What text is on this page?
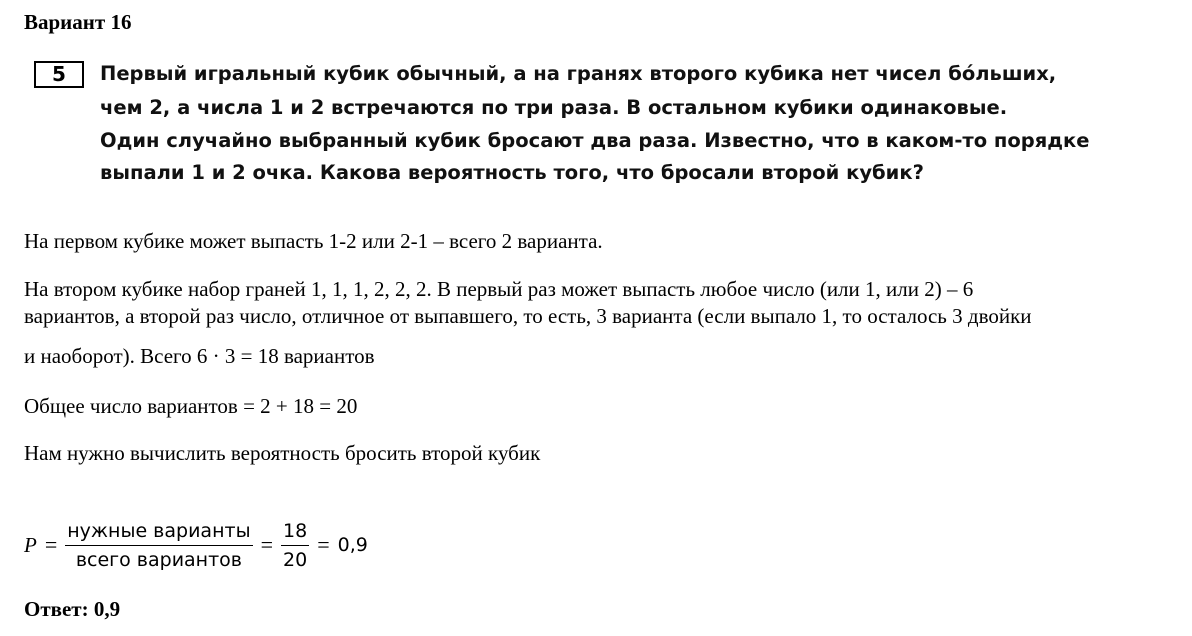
Вариант 16
5	Первый игральный кубик обычный, а на гранях второго кубика нет чисел бóльших,
чем 2, а числа 1 и 2 встречаются по три раза. В остальном кубики одинаковые.
Один случайно выбранный кубик бросают два раза. Известно, что в каком-то порядке
выпали 1 и 2 очка. Какова вероятность того, что бросали второй кубик?
На первом кубике может выпасть 1-2 или 2-1 – всего 2 варианта.
На втором кубике набор граней 1, 1, 1, 2, 2, 2. В первый раз может выпасть любое число (или 1, или 2) – 6
вариантов, а второй раз число, отличное от выпавшего, то есть, 3 варианта (если выпало 1, то осталось 3 двойки
и наоборот). Всего 6 · 3 = 18 вариантов
Общее число вариантов = 2 + 18 = 20
Нам нужно вычислить вероятность бросить второй кубик
$P = \frac{\text{нужные варианты}}{\text{всего вариантов}} = \frac{18}{20} = 0,9$
Ответ: 0,9
